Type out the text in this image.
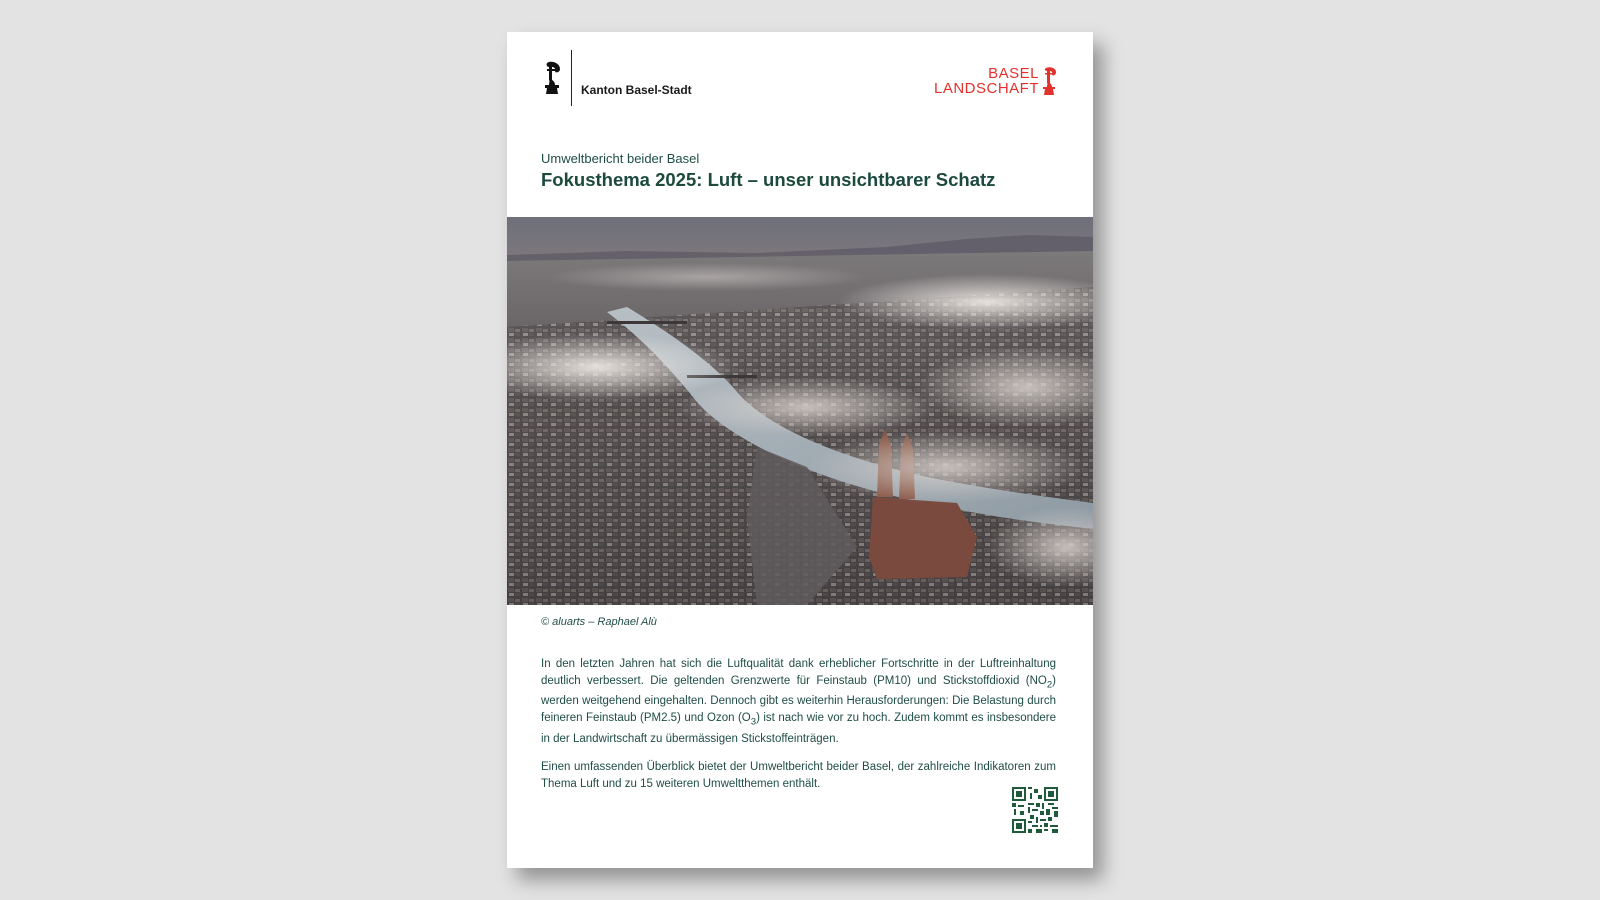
Kanton Basel-Stadt
BASEL
LANDSCHAFT
Umweltbericht beider Basel
Fokusthema 2025: Luft – unser unsichtbarer Schatz
© aluarts – Raphael Alù

In den letzten Jahren hat sich die Luftqualität dank erheblicher Fortschritte in der Luftreinhaltung deutlich verbessert. Die geltenden Grenzwerte für Feinstaub (PM10) und Stickstoffdioxid $(NO_2)$ werden weitgehend eingehalten. Dennoch gibt es weiterhin Herausforderungen: Die Belastung durch feineren Feinstaub (PM2.5) und Ozon $(O_3)$ ist nach wie vor zu hoch. Zudem kommt es insbesondere in der Landwirtschaft zu übermässigen Stickstoffeinträgen.

Einen umfassenden Überblick bietet der Umweltbericht beider Basel, der zahlreiche Indikatoren zum Thema Luft und zu 15 weiteren Umweltthemen enthält.
